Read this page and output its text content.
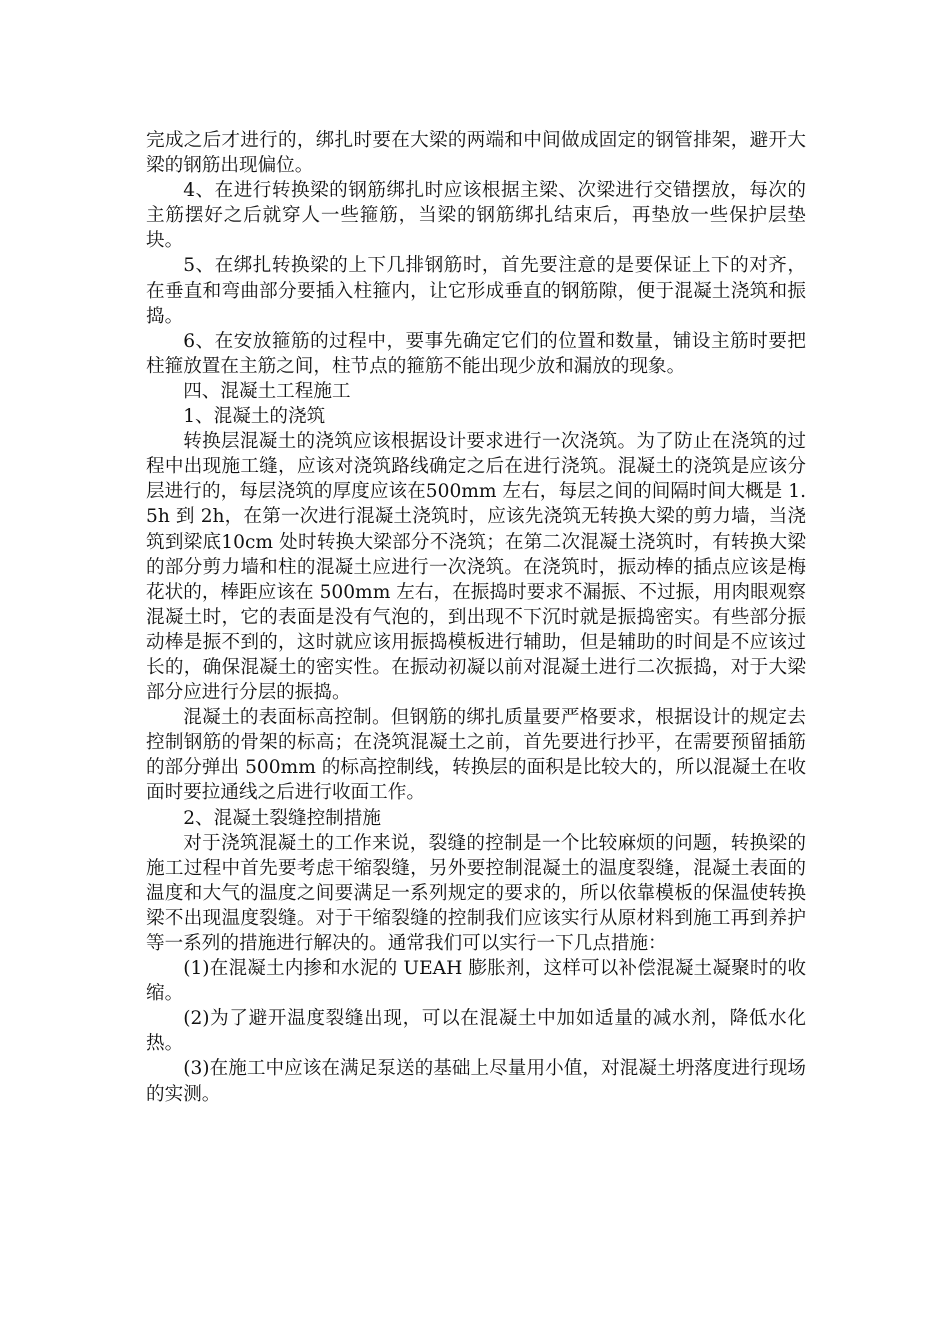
完成之后才进行的，绑扎时要在大梁的两端和中间做成固定的钢管排架，避开大梁的钢筋出现偏位。

4、在进行转换梁的钢筋绑扎时应该根据主梁、次梁进行交错摆放，每次的主筋摆好之后就穿人一些箍筋，当梁的钢筋绑扎结束后，再垫放一些保护层垫块。

5、在绑扎转换梁的上下几排钢筋时，首先要注意的是要保证上下的对齐，在垂直和弯曲部分要插入柱箍内，让它形成垂直的钢筋隙，便于混凝土浇筑和振捣。

6、在安放箍筋的过程中，要事先确定它们的位置和数量，铺设主筋时要把柱箍放置在主筋之间，柱节点的箍筋不能出现少放和漏放的现象。

四、混凝土工程施工

1、混凝土的浇筑

转换层混凝土的浇筑应该根据设计要求进行一次浇筑。为了防止在浇筑的过程中出现施工缝，应该对浇筑路线确定之后在进行浇筑。混凝土的浇筑是应该分层进行的，每层浇筑的厚度应该在500mm 左右，每层之间的间隔时间大概是 1.5h 到 2h，在第一次进行混凝土浇筑时，应该先浇筑无转换大梁的剪力墙，当浇筑到梁底10cm 处时转换大梁部分不浇筑；在第二次混凝土浇筑时，有转换大梁的部分剪力墙和柱的混凝土应进行一次浇筑。在浇筑时，振动棒的插点应该是梅花状的，棒距应该在 500mm 左右，在振捣时要求不漏振、不过振，用肉眼观察混凝土时，它的表面是没有气泡的，到出现不下沉时就是振捣密实。有些部分振动棒是振不到的，这时就应该用振捣模板进行辅助，但是辅助的时间是不应该过长的，确保混凝土的密实性。在振动初凝以前对混凝土进行二次振捣，对于大梁部分应进行分层的振捣。

混凝土的表面标高控制。但钢筋的绑扎质量要严格要求，根据设计的规定去控制钢筋的骨架的标高；在浇筑混凝土之前，首先要进行抄平，在需要预留插筋的部分弹出 500mm 的标高控制线，转换层的面积是比较大的，所以混凝土在收面时要拉通线之后进行收面工作。

2、混凝土裂缝控制措施

对于浇筑混凝土的工作来说，裂缝的控制是一个比较麻烦的问题，转换梁的施工过程中首先要考虑干缩裂缝，另外要控制混凝土的温度裂缝，混凝土表面的温度和大气的温度之间要满足一系列规定的要求的，所以依靠模板的保温使转换梁不出现温度裂缝。对于干缩裂缝的控制我们应该实行从原材料到施工再到养护等一系列的措施进行解决的。通常我们可以实行一下几点措施：

(1)在混凝土内掺和水泥的 UEAH 膨胀剂，这样可以补偿混凝土凝聚时的收缩。

(2)为了避开温度裂缝出现，可以在混凝土中加如适量的减水剂，降低水化热。

(3)在施工中应该在满足泵送的基础上尽量用小值，对混凝土坍落度进行现场的实测。
